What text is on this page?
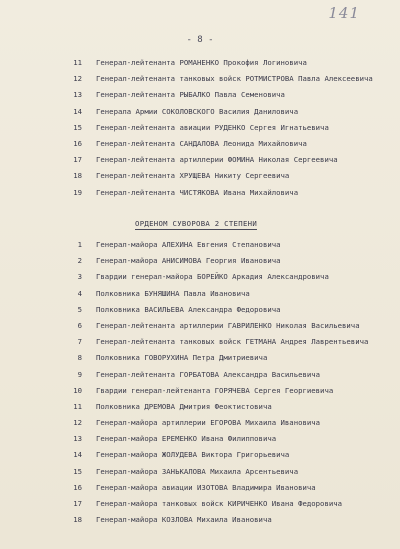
141
- 8 -
11 Генерал-лейтенанта РОМАНЕНКО Прокофия Логиновича
12 Генерал-лейтенанта танковых войск РОТМИСТРОВА Павла Алексеевича
13 Генерал-лейтенанта РЫБАЛКО Павла Семеновича
14 Генерала Армии СОКОЛОВСКОГО Василия Даниловича
15 Генерал-лейтенанта авиации РУДЕНКО Сергея Игнатьевича
16 Генерал-лейтенанта САНДАЛОВА Леонида Михайловича
17 Генерал-лейтенанта артиллерии ФОМИНА Николая Сергеевича
18 Генерал-лейтенанта ХРУЩЕВА Никиту Сергеевича
19 Генерал-лейтенанта ЧИСТЯКОВА Ивана Михайловича
ОРДЕНОМ СУВОРОВА 2 СТЕПЕНИ
1 Генерал-майора АЛЕХИНА Евгения Степановича
2 Генерал-майора АНИСИМОВА Георгия Ивановича
3 Гвардии генерал-майора БОРЕЙКО Аркадия Александровича
4 Полковника БУНЯШИНА Павла Ивановича
5 Полковника ВАСИЛЬЕВА Александра Федоровича
6 Генерал-лейтенанта артиллерии ГАВРИЛЕНКО Николая Васильевича
7 Генерал-лейтенанта танковых войск ГЕТМАНА Андрея Лаврентьевича
8 Полковника ГОВОРУХИНА Петра Дмитриевича
9 Генерал-лейтенанта ГОРБАТОВА Александра Васильевича
10 Гвардии генерал-лейтенанта ГОРЯЧЕВА Сергея Георгиевича
11 Полковника ДРЕМОВА Дмитрия Феоктистовича
12 Генерал-майора артиллерии ЕГОРОВА Михаила Ивановича
13 Генерал-майора ЕРЕМЕНКО Ивана Филипповича
14 Генерал-майора ЖОЛУДЕВА Виктора Григорьевича
15 Генерал-майора ЗАНЬКАЛОВА Михаила Арсентьевича
16 Генерал-майора авиации ИЗОТОВА Владимира Ивановича
17 Генерал-майора танковых войск КИРИЧЕНКО Ивана Федоровича
18 Генерал-майора КОЗЛОВА Михаила Ивановича
